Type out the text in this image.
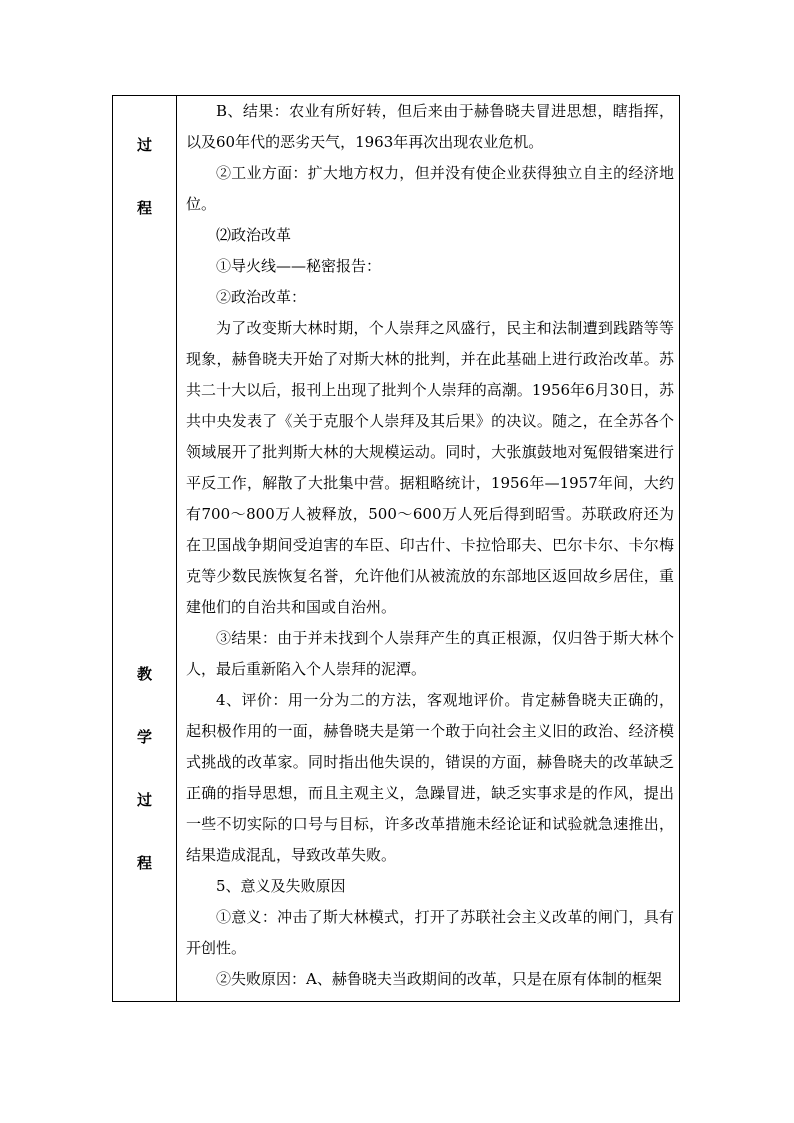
过
程
教
学
过
程

B、结果：农业有所好转，但后来由于赫鲁晓夫冒进思想，瞎指挥，以及60年代的恶劣天气，1963年再次出现农业危机。

②工业方面：扩大地方权力，但并没有使企业获得独立自主的经济地位。

⑵政治改革

①导火线——秘密报告：

②政治改革：

为了改变斯大林时期，个人崇拜之风盛行，民主和法制遭到践踏等等现象，赫鲁晓夫开始了对斯大林的批判，并在此基础上进行政治改革。苏共二十大以后，报刊上出现了批判个人崇拜的高潮。1956年6月30日，苏共中央发表了《关于克服个人崇拜及其后果》的决议。随之，在全苏各个领域展开了批判斯大林的大规模运动。同时，大张旗鼓地对冤假错案进行平反工作，解散了大批集中营。据粗略统计，1956年—1957年间，大约有700～800万人被释放，500～600万人死后得到昭雪。苏联政府还为在卫国战争期间受迫害的车臣、印古什、卡拉恰耶夫、巴尔卡尔、卡尔梅克等少数民族恢复名誉，允许他们从被流放的东部地区返回故乡居住，重建他们的自治共和国或自治州。

③结果：由于并未找到个人崇拜产生的真正根源，仅归咎于斯大林个人，最后重新陷入个人崇拜的泥潭。

4、评价：用一分为二的方法，客观地评价。肯定赫鲁晓夫正确的，起积极作用的一面，赫鲁晓夫是第一个敢于向社会主义旧的政治、经济模式挑战的改革家。同时指出他失误的，错误的方面，赫鲁晓夫的改革缺乏正确的指导思想，而且主观主义，急躁冒进，缺乏实事求是的作风，提出一些不切实际的口号与目标，许多改革措施未经论证和试验就急速推出，结果造成混乱，导致改革失败。

5、意义及失败原因

①意义：冲击了斯大林模式，打开了苏联社会主义改革的闸门，具有开创性。

②失败原因：A、赫鲁晓夫当政期间的改革，只是在原有体制的框架
